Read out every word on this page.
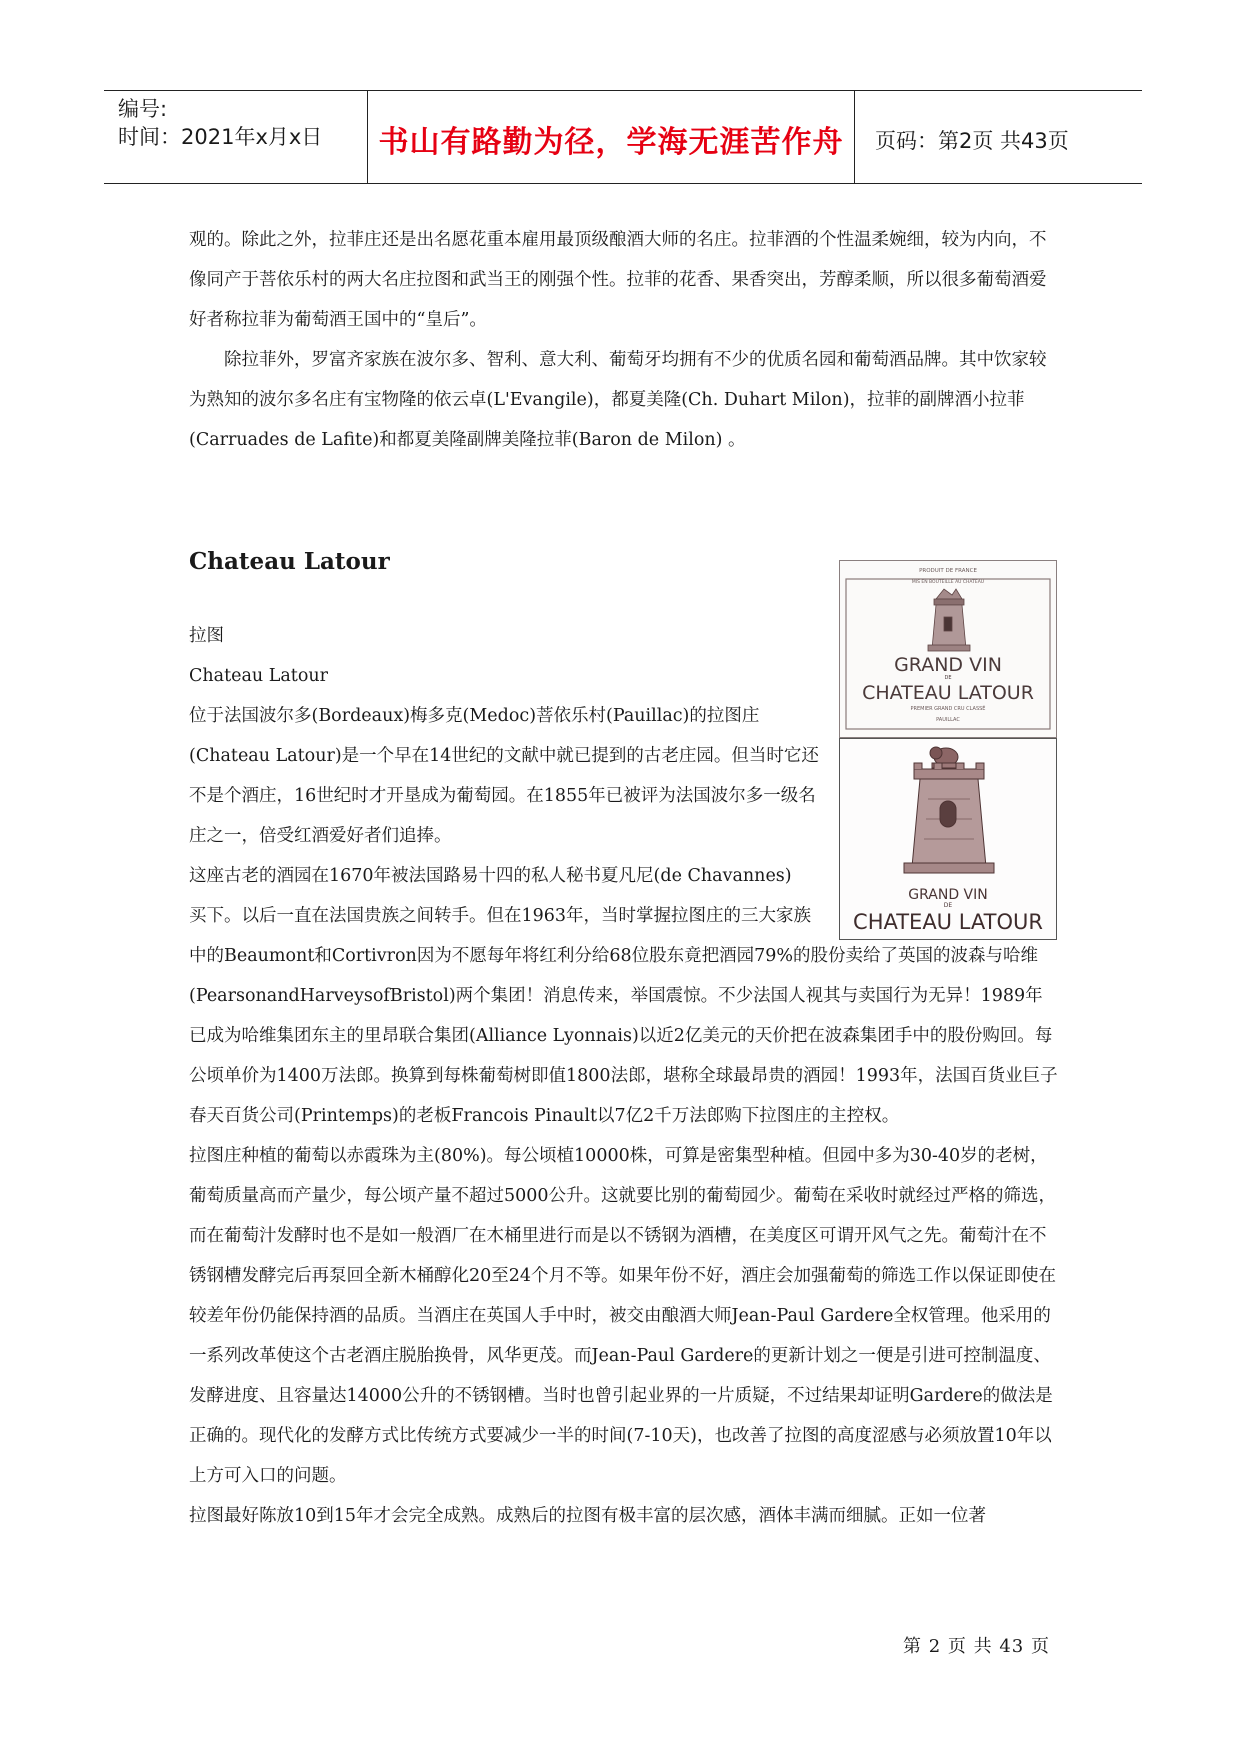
编号:
时间：2021年x月x日	书山有路勤为径，学海无涯苦作舟	页码：第2页 共43页

观的。除此之外，拉菲庄还是出名愿花重本雇用最顶级酿酒大师的名庄。拉菲酒的个性温柔婉细，较为内向，不像同产于菩依乐村的两大名庄拉图和武当王的刚强个性。拉菲的花香、果香突出，芳醇柔顺，所以很多葡萄酒爱好者称拉菲为葡萄酒王国中的“皇后”。

除拉菲外，罗富齐家族在波尔多、智利、意大利、葡萄牙均拥有不少的优质名园和葡萄酒品牌。其中饮家较为熟知的波尔多名庄有宝物隆的依云卓(L'Evangile)，都夏美隆(Ch. Duhart Milon)，拉菲的副牌酒小拉菲(Carruades de Lafite)和都夏美隆副牌美隆拉菲(Baron de Milon) 。

Chateau Latour

拉图

Chateau Latour

位于法国波尔多(Bordeaux)梅多克(Medoc)菩依乐村(Pauillac)的拉图庄(Chateau Latour)是一个早在14世纪的文献中就已提到的古老庄园。但当时它还不是个酒庄，16世纪时才开垦成为葡萄园。在1855年已被评为法国波尔多一级名庄之一，倍受红酒爱好者们追捧。

这座古老的酒园在1670年被法国路易十四的私人秘书夏凡尼(de Chavannes)

买下。以后一直在法国贵族之间转手。但在1963年，当时掌握拉图庄的三大家族

中的Beaumont和Cortivron因为不愿每年将红利分给68位股东竟把酒园79%的股份卖给了英国的波森与哈维(PearsonandHarveysofBristol)两个集团！消息传来，举国震惊。不少法国人视其与卖国行为无异！1989年已成为哈维集团东主的里昂联合集团(Alliance Lyonnais)以近2亿美元的天价把在波森集团手中的股份购回。每公顷单价为1400万法郎。换算到每株葡萄树即值1800法郎，堪称全球最昂贵的酒园！1993年，法国百货业巨子春天百货公司(Printemps)的老板Francois Pinault以7亿2千万法郎购下拉图庄的主控权。

拉图庄种植的葡萄以赤霞珠为主(80%)。每公顷植10000株，可算是密集型种植。但园中多为30-40岁的老树，葡萄质量高而产量少，每公顷产量不超过5000公升。这就要比别的葡萄园少。葡萄在采收时就经过严格的筛选，而在葡萄汁发酵时也不是如一般酒厂在木桶里进行而是以不锈钢为酒槽，在美度区可谓开风气之先。葡萄汁在不锈钢槽发酵完后再泵回全新木桶醇化20至24个月不等。如果年份不好，酒庄会加强葡萄的筛选工作以保证即使在较差年份仍能保持酒的品质。当酒庄在英国人手中时，被交由酿酒大师Jean-Paul Gardere全权管理。他采用的一系列改革使这个古老酒庄脱胎换骨，风华更茂。而Jean-Paul Gardere的更新计划之一便是引进可控制温度、发酵进度、且容量达14000公升的不锈钢槽。当时也曾引起业界的一片质疑，不过结果却证明Gardere的做法是正确的。现代化的发酵方式比传统方式要减少一半的时间(7-10天)，也改善了拉图的高度涩感与必须放置10年以上方可入口的问题。

拉图最好陈放10到15年才会完全成熟。成熟后的拉图有极丰富的层次感，酒体丰满而细腻。正如一位著

PRODUIT DE FRANCE
MIS EN BOUTEILLE AU CHATEAU
GRAND VIN
DE
CHATEAU LATOUR
PREMIER GRAND CRU CLASSÉ
PAUILLAC
GRAND VIN
DE
CHATEAU LATOUR
第 2 页 共 43 页
